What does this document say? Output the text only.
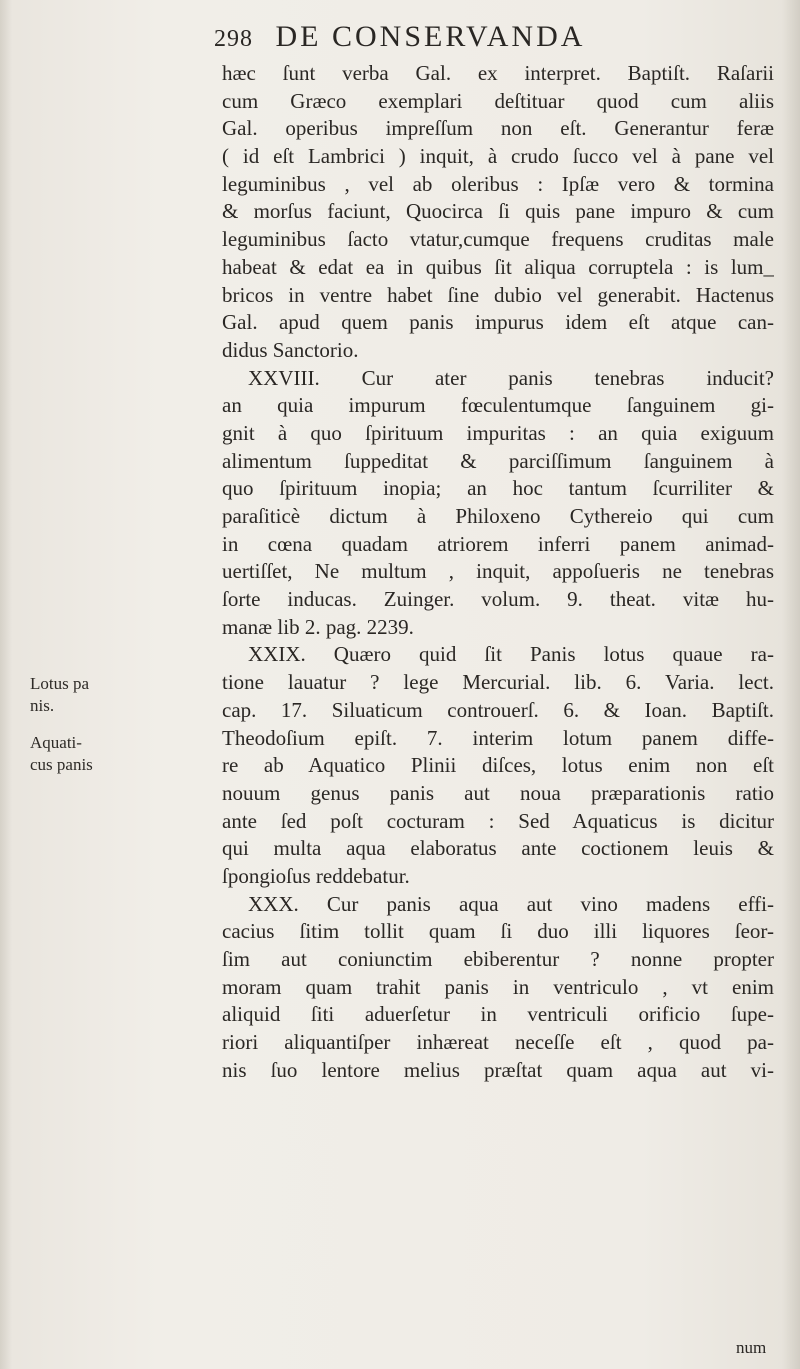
298 DE CONSERVANDA
hæc ſunt verba Gal. ex interpret. Baptiſt. Raſarii
cum Græco exemplari deſtituar quod cum aliis
Gal. operibus impreſſum non eſt. Generantur feræ
( id eſt Lambrici ) inquit, à crudo ſucco vel à pane vel
leguminibus , vel ab oleribus : Ipſæ vero & tormina
& morſus faciunt, Quocirca ſi quis pane impuro & cum
leguminibus ſacto vtatur,cumque frequens cruditas male
habeat & edat ea in quibus ſit aliqua corruptela : is lum_
bricos in ventre habet ſine dubio vel generabit. Hactenus
Gal. apud quem panis impurus idem eſt atque can-
didus Sanctorio.
XXVIII. Cur ater panis tenebras inducit?
an quia impurum fœculentumque ſanguinem gi-
gnit à quo ſpirituum impuritas : an quia exiguum
alimentum ſuppeditat & parciſſimum ſanguinem à
quo ſpirituum inopia; an hoc tantum ſcurriliter &
paraſiticè dictum à Philoxeno Cythereio qui cum
in cœna quadam atriorem inferri panem animad-
uertiſſet, Ne multum , inquit, appoſueris ne tenebras
ſorte inducas. Zuinger. volum. 9. theat. vitæ hu-
manæ lib 2. pag. 2239.
XXIX. Quæro quid ſit Panis lotus quaue ra-
tione lauatur ? lege Mercurial. lib. 6. Varia. lect.
cap. 17. Siluaticum controuerſ. 6. & Ioan. Baptiſt.
Theodoſium epiſt. 7. interim lotum panem diffe-
re ab Aquatico Plinii diſces, lotus enim non eſt
nouum genus panis aut noua præparationis ratio
ante ſed poſt cocturam : Sed Aquaticus is dicitur
qui multa aqua elaboratus ante coctionem leuis &
ſpongioſus reddebatur.
XXX. Cur panis aqua aut vino madens effi-
cacius ſitim tollit quam ſi duo illi liquores ſeor-
ſim aut coniunctim ebiberentur ? nonne propter
moram quam trahit panis in ventriculo , vt enim
aliquid ſiti aduerſetur in ventriculi orificio ſupe-
riori aliquantiſper inhæreat neceſſe eſt , quod pa-
nis ſuo lentore melius præſtat quam aqua aut vi-
Lotus pa
nis.
Aquati-
cus panis
num
